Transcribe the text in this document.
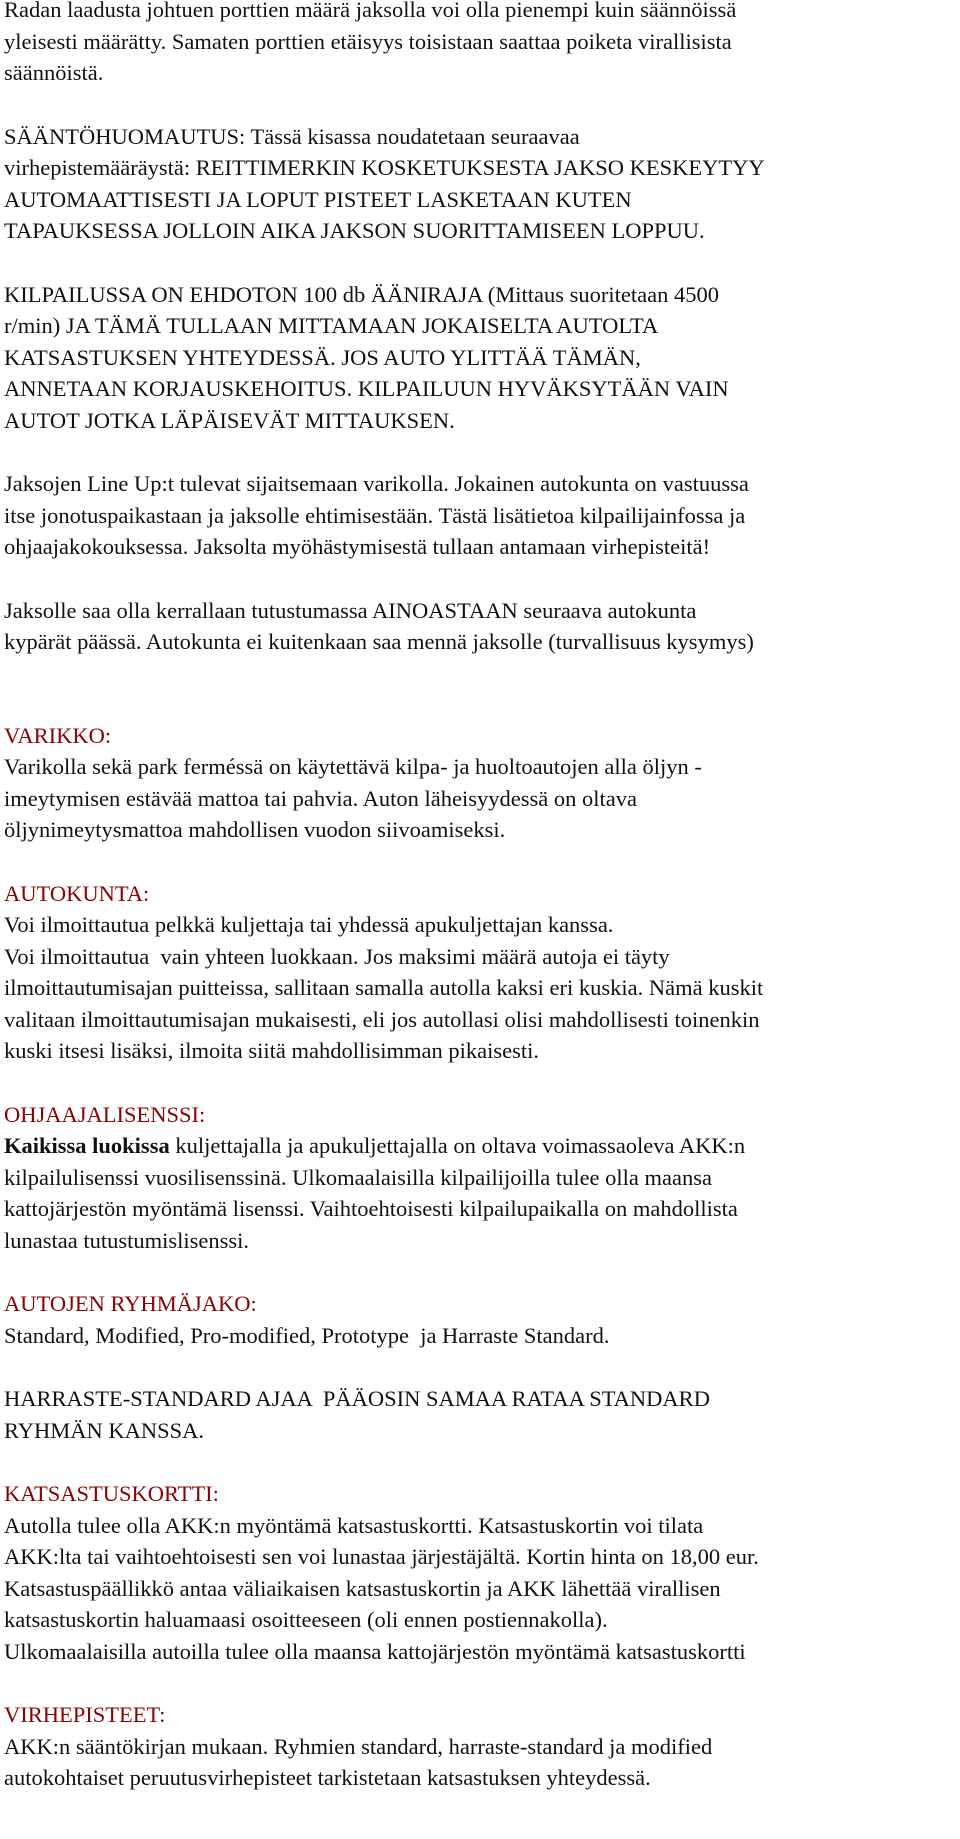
Radan laadusta johtuen porttien määrä jaksolla voi olla pienempi kuin säännöissä
yleisesti määrätty. Samaten porttien etäisyys toisistaan saattaa poiketa virallisista
säännöistä.

SÄÄNTÖHUOMAUTUS: Tässä kisassa noudatetaan seuraavaa
virhepistemääräystä: REITTIMERKIN KOSKETUKSESTA JAKSO KESKEYTYY
AUTOMAATTISESTI JA LOPUT PISTEET LASKETAAN KUTEN
TAPAUKSESSA JOLLOIN AIKA JAKSON SUORITTAMISEEN LOPPUU.

KILPAILUSSA ON EHDOTON 100 db ÄÄNIRAJA (Mittaus suoritetaan 4500
r/min) JA TÄMÄ TULLAAN MITTAMAAN JOKAISELTA AUTOLTA
KATSASTUKSEN YHTEYDESSÄ. JOS AUTO YLITTÄÄ TÄMÄN,
ANNETAAN KORJAUSKEHOITUS. KILPAILUUN HYVÄKSYTÄÄN VAIN
AUTOT JOTKA LÄPÄISEVÄT MITTAUKSEN.

Jaksojen Line Up:t tulevat sijaitsemaan varikolla. Jokainen autokunta on vastuussa
itse jonotuspaikastaan ja jaksolle ehtimisestään. Tästä lisätietoa kilpailijainfossa ja
ohjaajakokouksessa. Jaksolta myöhästymisestä tullaan antamaan virhepisteitä!

Jaksolle saa olla kerrallaan tutustumassa AINOASTAAN seuraava autokunta
kypärät päässä. Autokunta ei kuitenkaan saa mennä jaksolle (turvallisuus kysymys)

VARIKKO:
Varikolla sekä park ferméssä on käytettävä kilpa- ja huoltoautojen alla öljyn -
imeytymisen estävää mattoa tai pahvia. Auton läheisyydessä on oltava
öljynimeytysmattoa mahdollisen vuodon siivoamiseksi.

AUTOKUNTA:
Voi ilmoittautua pelkkä kuljettaja tai yhdessä apukuljettajan kanssa.
Voi ilmoittautua  vain yhteen luokkaan. Jos maksimi määrä autoja ei täyty
ilmoittautumisajan puitteissa, sallitaan samalla autolla kaksi eri kuskia. Nämä kuskit
valitaan ilmoittautumisajan mukaisesti, eli jos autollasi olisi mahdollisesti toinenkin
kuski itsesi lisäksi, ilmoita siitä mahdollisimman pikaisesti.

OHJAAJALISENSSI:
Kaikissa luokissa kuljettajalla ja apukuljettajalla on oltava voimassaoleva AKK:n
kilpailulisenssi vuosilisenssinä. Ulkomaalaisilla kilpailijoilla tulee olla maansa
kattojärjestön myöntämä lisenssi. Vaihtoehtoisesti kilpailupaikalla on mahdollista
lunastaa tutustumislisenssi.

AUTOJEN RYHMÄJAKO:
Standard, Modified, Pro-modified, Prototype  ja Harraste Standard.

HARRASTE-STANDARD AJAA  PÄÄOSIN SAMAA RATAA STANDARD
RYHMÄN KANSSA.

KATSASTUSKORTTI:
Autolla tulee olla AKK:n myöntämä katsastuskortti. Katsastuskortin voi tilata
AKK:lta tai vaihtoehtoisesti sen voi lunastaa järjestäjältä. Kortin hinta on 18,00 eur.
Katsastuspäällikkö antaa väliaikaisen katsastuskortin ja AKK lähettää virallisen
katsastuskortin haluamaasi osoitteeseen (oli ennen postiennakolla).
Ulkomaalaisilla autoilla tulee olla maansa kattojärjestön myöntämä katsastuskortti

VIRHEPISTEET:
AKK:n sääntökirjan mukaan. Ryhmien standard, harraste-standard ja modified
autokohtaiset peruutusvirhepisteet tarkistetaan katsastuksen yhteydessä.
